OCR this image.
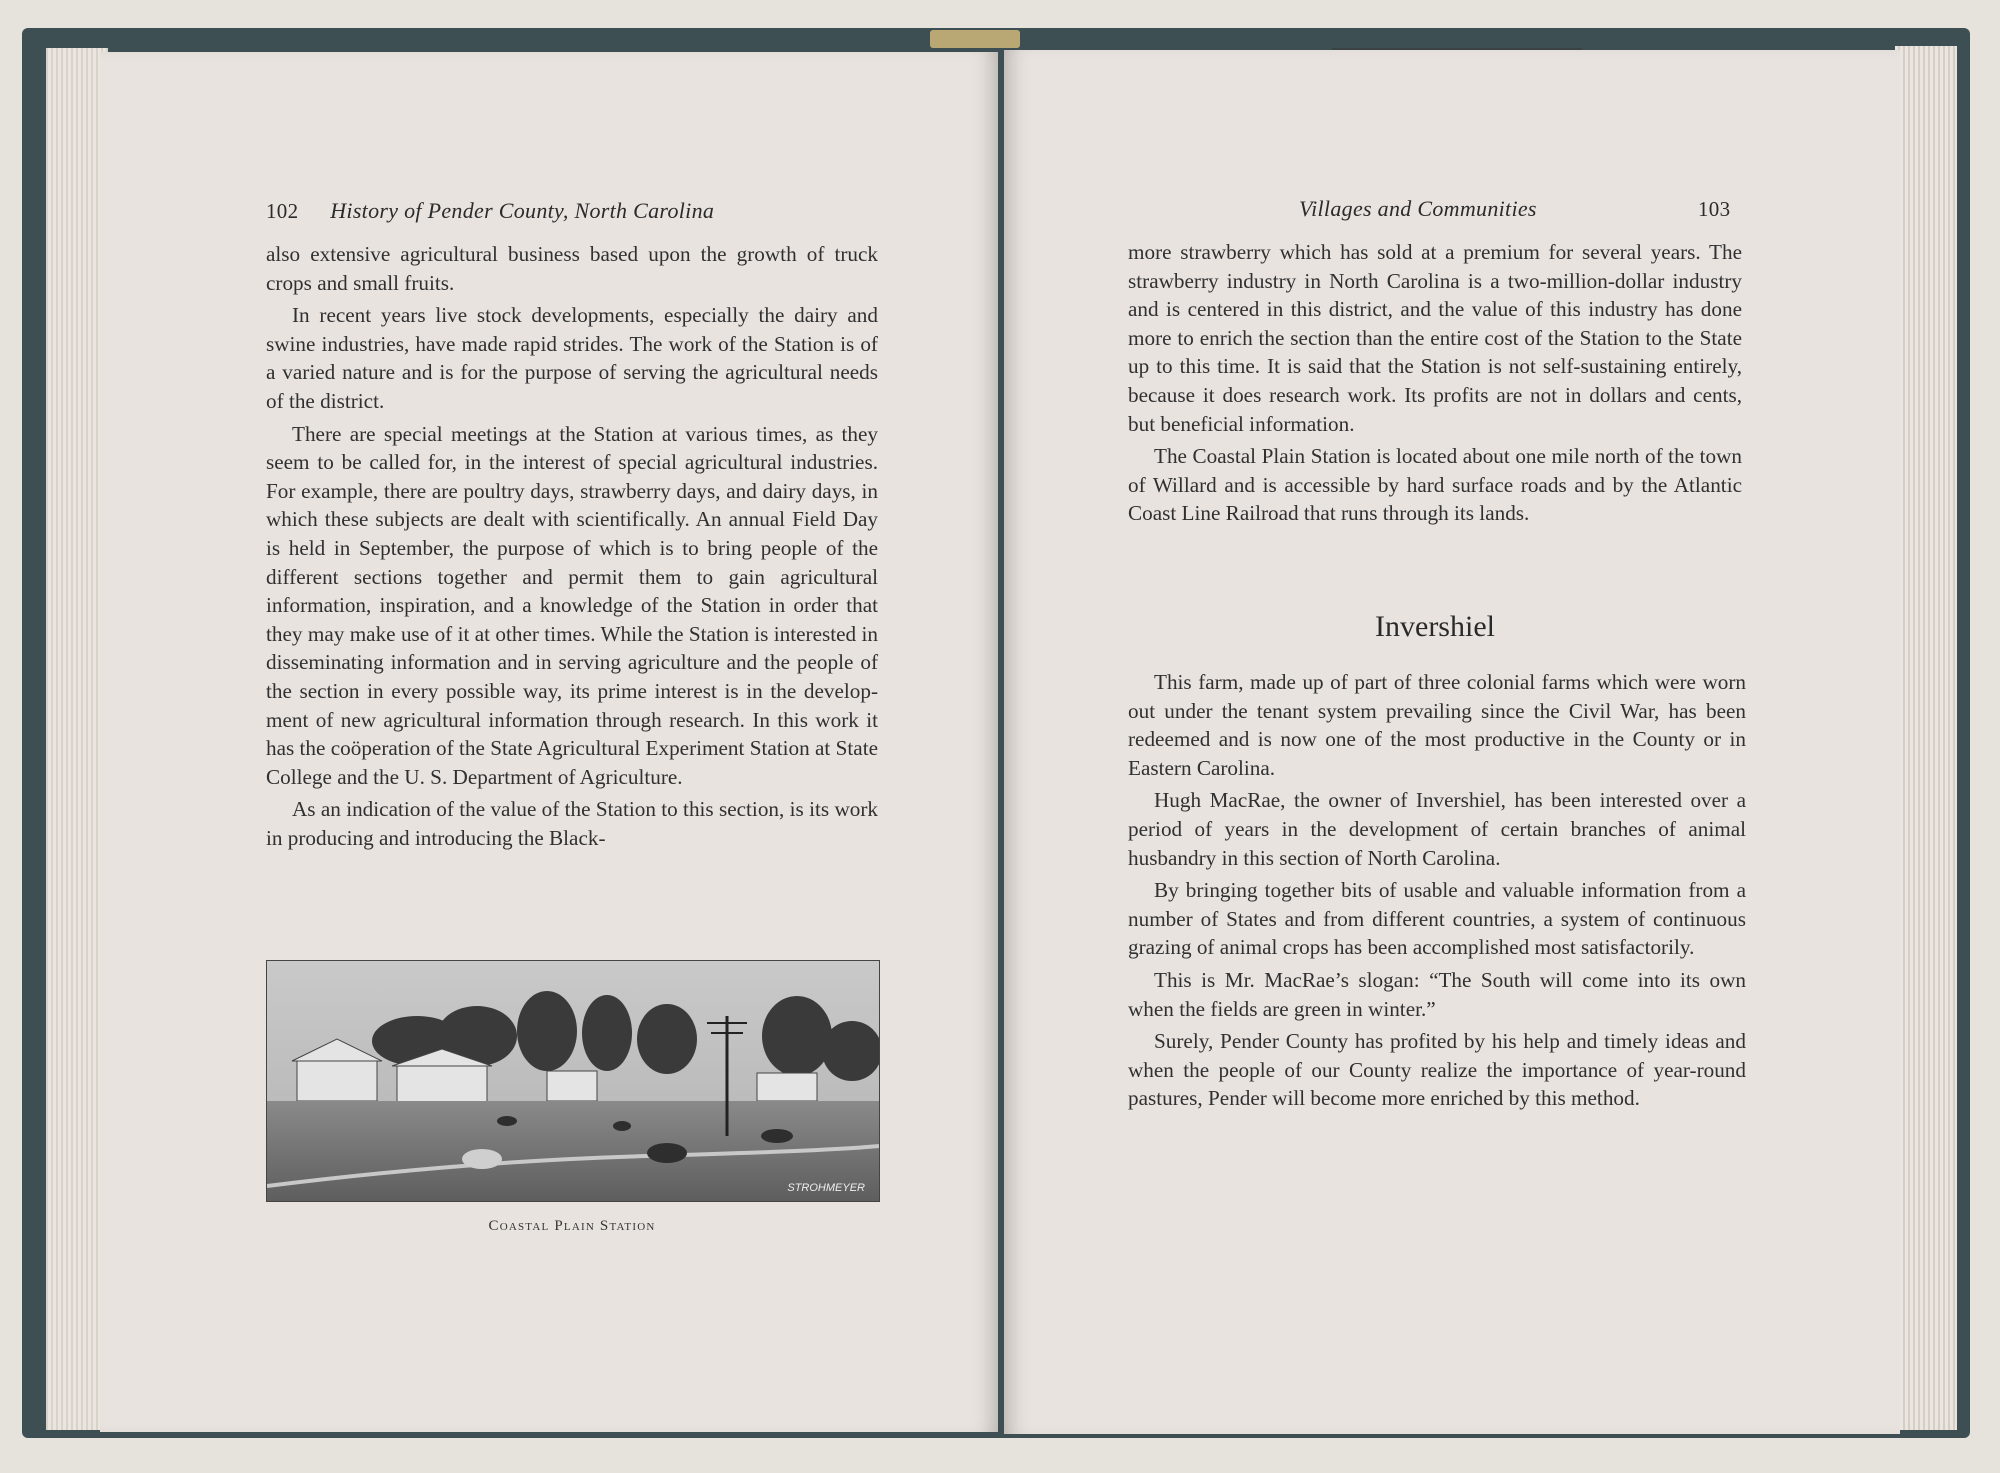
102 History of Pender County, North Carolina

also extensive agricultural business based upon the growth of truck crops and small fruits.

In recent years live stock developments, especially the dairy and swine industries, have made rapid strides. The work of the Station is of a varied nature and is for the purpose of serving the agricultural needs of the district.

There are special meetings at the Station at various times, as they seem to be called for, in the interest of special agricultural industries. For example, there are poultry days, strawberry days, and dairy days, in which these subjects are dealt with scientifically. An annual Field Day is held in September, the purpose of which is to bring people of the different sections together and permit them to gain agricultural information, inspiration, and a knowledge of the Station in order that they may make use of it at other times. While the Station is interested in disseminating information and in serving agriculture and the people of the section in every possible way, its prime interest is in the development of new agricultural information through research. In this work it has the coöperation of the State Agricultural Experiment Station at State College and the U. S. Department of Agriculture.

As an indication of the value of the Station to this section, is its work in producing and introducing the Black-

STROHMEYER
Coastal Plain Station
Villages and Communities	103

more strawberry which has sold at a premium for several years. The strawberry industry in North Carolina is a two-million-dollar industry and is centered in this district, and the value of this industry has done more to enrich the section than the entire cost of the Station to the State up to this time. It is said that the Station is not self-sustaining entirely, because it does research work. Its profits are not in dollars and cents, but beneficial information.

The Coastal Plain Station is located about one mile north of the town of Willard and is accessible by hard surface roads and by the Atlantic Coast Line Railroad that runs through its lands.

Invershiel

This farm, made up of part of three colonial farms which were worn out under the tenant system prevailing since the Civil War, has been redeemed and is now one of the most productive in the County or in Eastern Carolina.

Hugh MacRae, the owner of Invershiel, has been interested over a period of years in the development of certain branches of animal husbandry in this section of North Carolina.

By bringing together bits of usable and valuable information from a number of States and from different countries, a system of continuous grazing of animal crops has been accomplished most satisfactorily.

This is Mr. MacRae’s slogan: “The South will come into its own when the fields are green in winter.”

Surely, Pender County has profited by his help and timely ideas and when the people of our County realize the importance of year-round pastures, Pender will become more enriched by this method.
